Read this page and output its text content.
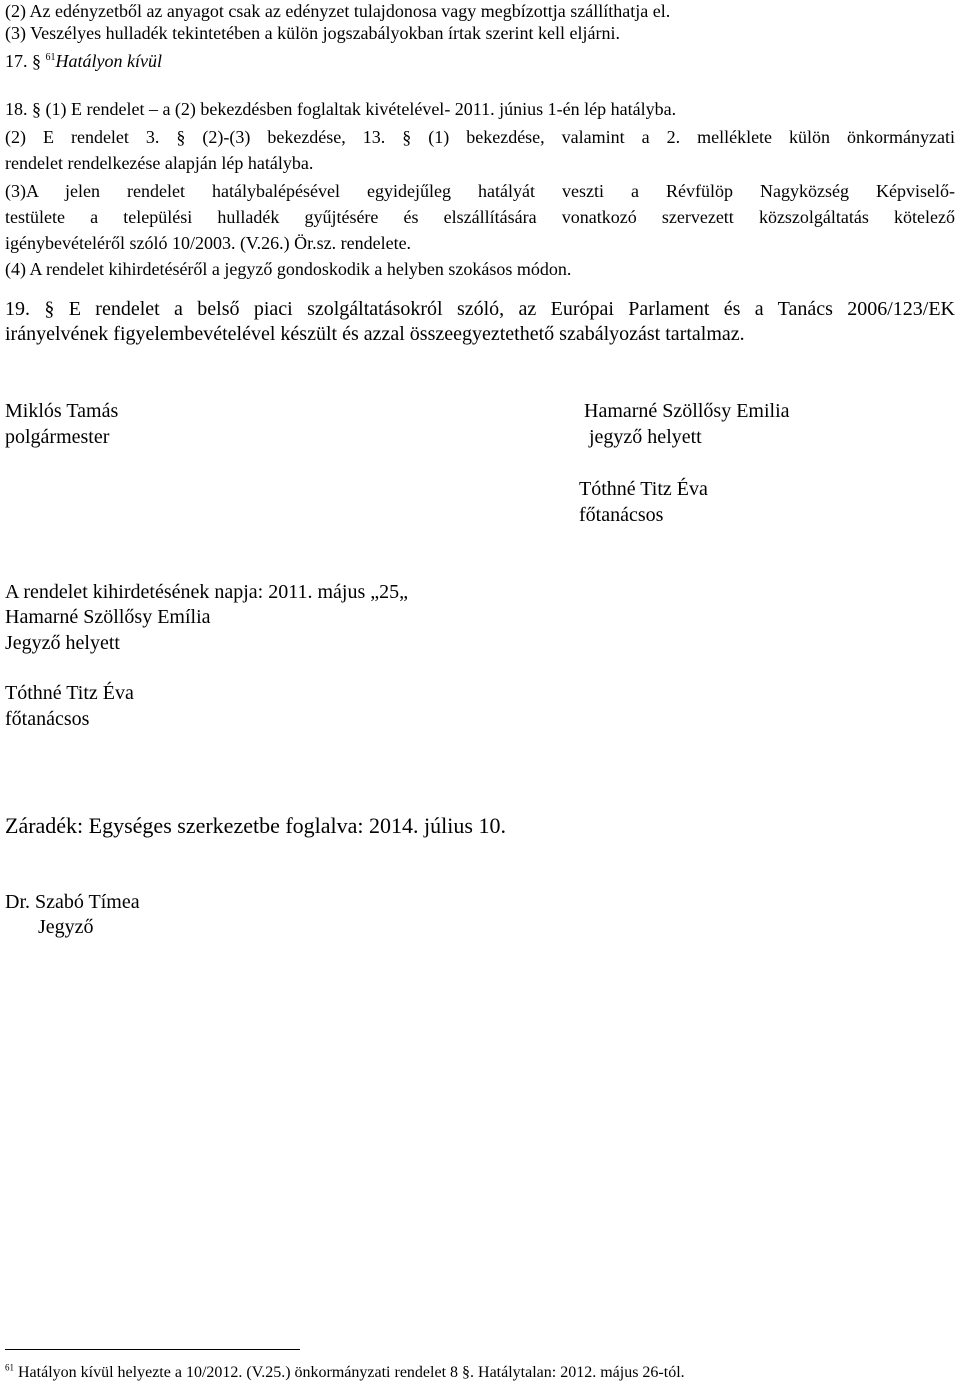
(2) Az edényzetből az anyagot csak az edényzet tulajdonosa vagy megbízottja szállíthatja el.
(3) Veszélyes hulladék tekintetében a külön jogszabályokban írtak szerint kell eljárni.
17. § $^{61}$Hatályon kívül
18. § (1) E rendelet – a (2) bekezdésben foglaltak kivételével- 2011. június 1-én lép hatályba.
(2) E rendelet 3. § (2)-(3) bekezdése, 13. § (1) bekezdése, valamint a 2. melléklete külön önkormányzati
rendelet rendelkezése alapján lép hatályba.
(3)A jelen rendelet hatálybalépésével egyidejűleg hatályát veszti a Révfülöp Nagyközség Képviselő-
testülete a települési hulladék gyűjtésére és elszállítására vonatkozó szervezett közszolgáltatás kötelező
igénybevételéről szóló 10/2003. (V.26.) Ör.sz. rendelete.
(4) A rendelet kihirdetéséről a jegyző gondoskodik a helyben szokásos módon.
19. § E rendelet a belső piaci szolgáltatásokról szóló, az Európai Parlament és a Tanács 2006/123/EK
irányelvének figyelembevételével készült és azzal összeegyeztethető szabályozást tartalmaz.
Miklós Tamás
polgármester
Hamarné Szöllősy Emilia
jegyző helyett
Tóthné Titz Éva
főtanácsos
A rendelet kihirdetésének napja: 2011. május „25„
Hamarné Szöllősy Emília
Jegyző helyett
Tóthné Titz Éva
főtanácsos
Záradék: Egységes szerkezetbe foglalva: 2014. július 10.
Dr. Szabó Tímea
Jegyző
$^{61}$ Hatályon kívül helyezte a 10/2012. (V.25.) önkormányzati rendelet 8 §. Hatálytalan: 2012. május 26-tól.
